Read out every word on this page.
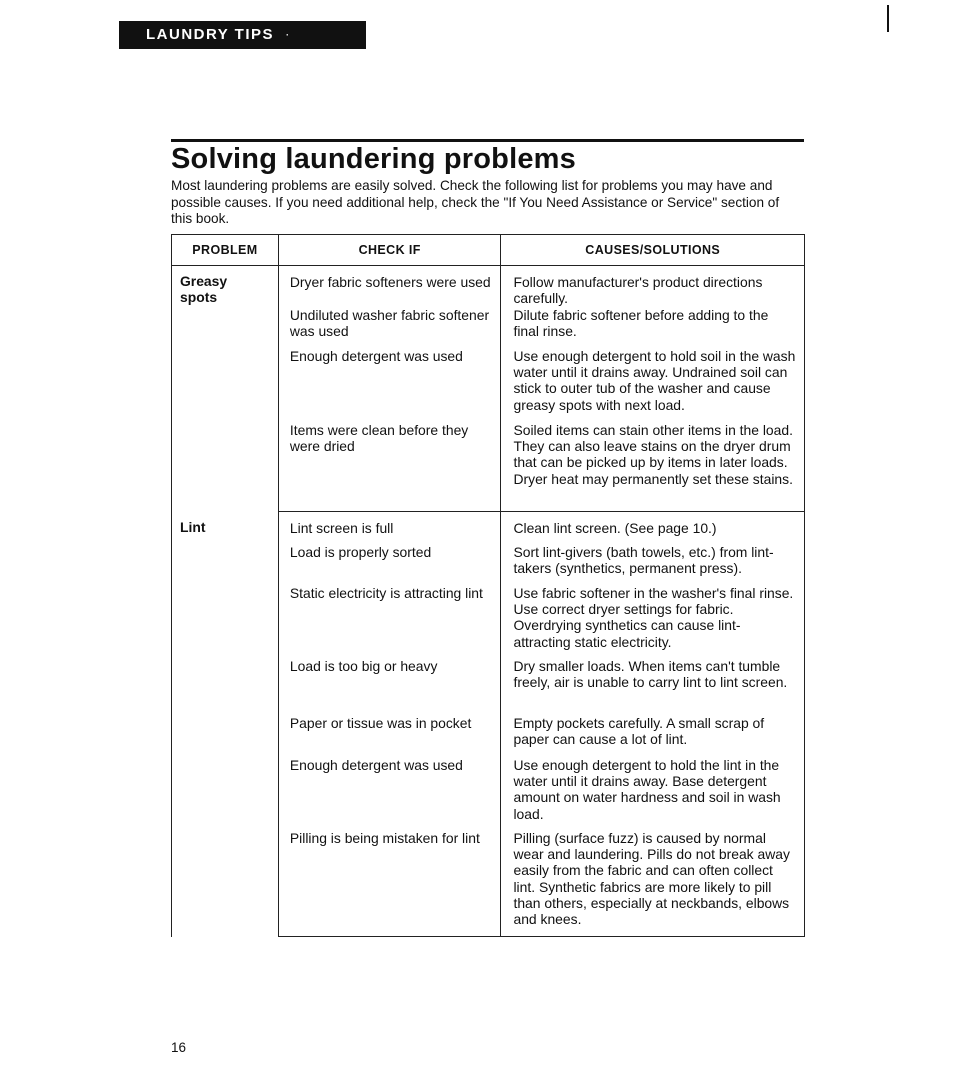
LAUNDRY TIPS ·
Solving laundering problems

Most laundering problems are easily solved. Check the following list for problems you may have and possible causes. If you need additional help, check the "If You Need Assistance or Service" section of this book.

PROBLEM	CHECK IF	CAUSES/SOLUTIONS

Greasy spots	Dryer fabric softeners were used	Follow manufacturer's product directions carefully.

	Undiluted washer fabric softener was used	Dilute fabric softener before adding to the final rinse.

	Enough detergent was used	Use enough detergent to hold soil in the wash water until it drains away. Undrained soil can stick to outer tub of the washer and cause greasy spots with next load.

	Items were clean before they were dried	Soiled items can stain other items in the load. They can also leave stains on the dryer drum that can be picked up by items in later loads. Dryer heat may permanently set these stains.

Lint	Lint screen is full	Clean lint screen. (See page 10.)

	Load is properly sorted	Sort lint-givers (bath towels, etc.) from lint-takers (synthetics, permanent press).

	Static electricity is attracting lint	Use fabric softener in the washer's final rinse. Use correct dryer settings for fabric. Overdrying synthetics can cause lint-attracting static electricity.

	Load is too big or heavy	Dry smaller loads. When items can't tumble freely, air is unable to carry lint to lint screen.

	Paper or tissue was in pocket	Empty pockets carefully. A small scrap of paper can cause a lot of lint.

	Enough detergent was used	Use enough detergent to hold the lint in the water until it drains away. Base detergent amount on water hardness and soil in wash load.

	Pilling is being mistaken for lint	Pilling (surface fuzz) is caused by normal wear and laundering. Pills do not break away easily from the fabric and can often collect lint. Synthetic fabrics are more likely to pill than others, especially at neckbands, elbows and knees.
16
